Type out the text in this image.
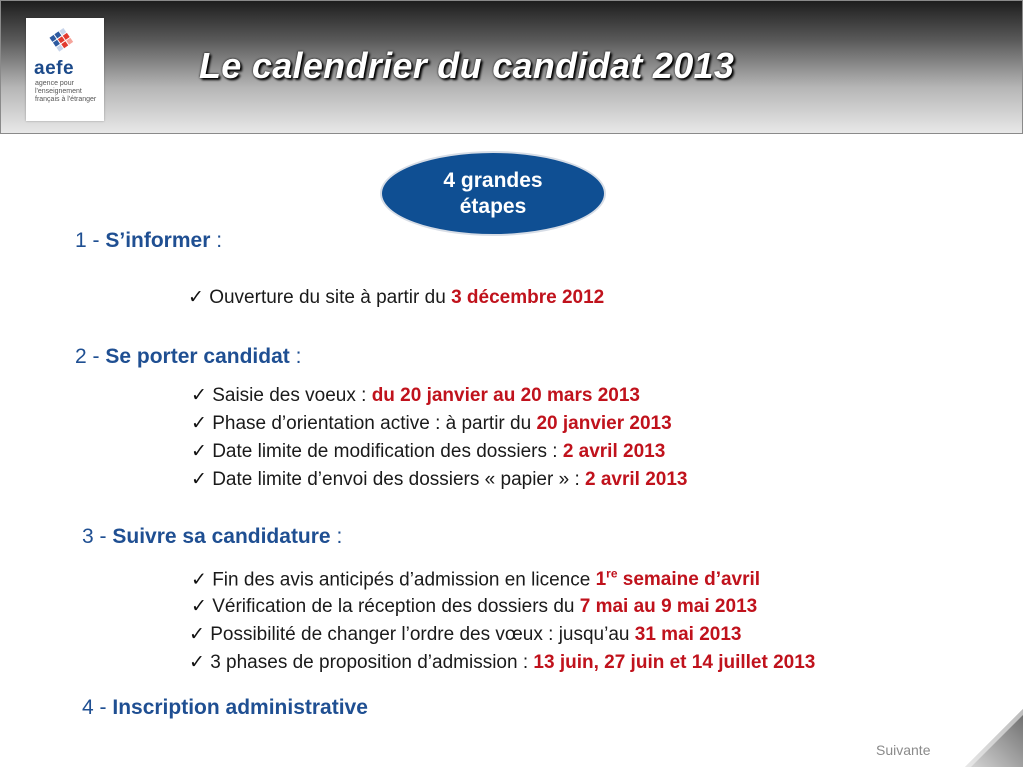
aefe
agence pour l'enseignement français à l'étranger
Le calendrier du candidat 2013
4 grandes
étapes
1 - S’informer :
✓ Ouverture du site à partir du 3 décembre 2012
2 - Se porter candidat :
✓ Saisie des voeux : du 20 janvier au 20 mars 2013
✓ Phase d’orientation active : à partir du 20 janvier 2013
✓ Date limite de modification des dossiers : 2 avril 2013
✓ Date limite d’envoi des dossiers « papier » : 2 avril 2013
3 - Suivre sa candidature :
✓ Fin des avis anticipés d’admission en licence 1re semaine d’avril
✓ Vérification de la réception des dossiers du 7 mai au 9 mai 2013
✓ Possibilité de changer l’ordre des vœux : jusqu’au 31 mai 2013
✓ 3 phases de proposition d’admission : 13 juin, 27 juin et 14 juillet 2013
4 - Inscription administrative
Suivante
